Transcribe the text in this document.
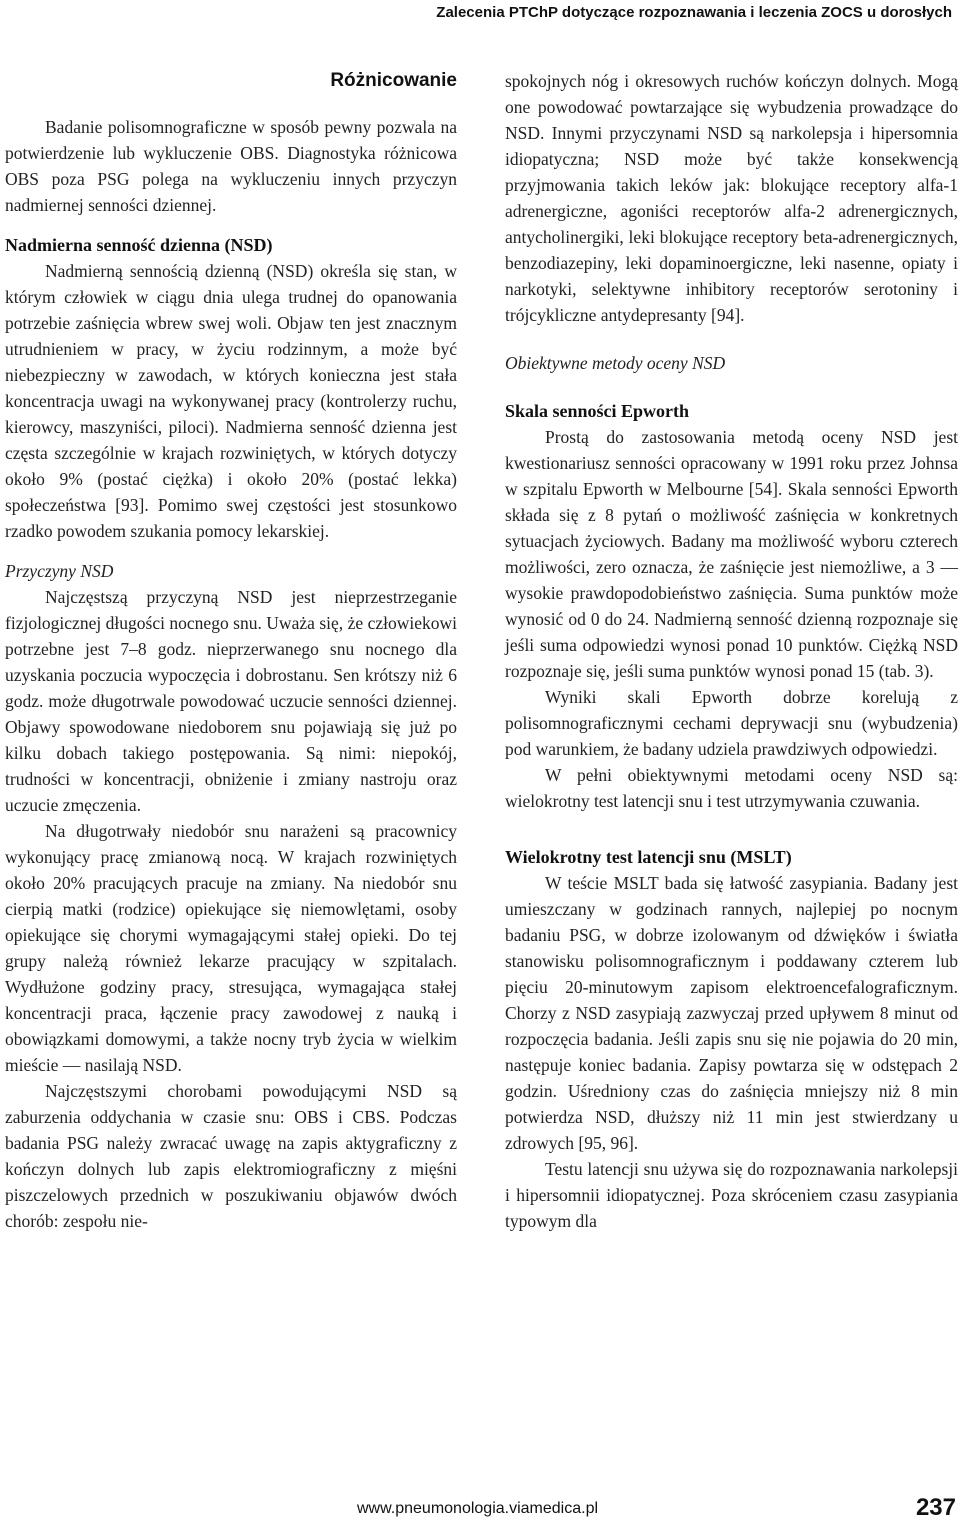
Zalecenia PTChP dotyczące rozpoznawania i leczenia ZOCS u dorosłych
Różnicowanie

Badanie polisomnograficzne w sposób pewny pozwala na potwierdzenie lub wykluczenie OBS. Diagnostyka różnicowa OBS poza PSG polega na wykluczeniu innych przyczyn nadmiernej senności dziennej.

Nadmierna senność dzienna (NSD)

Nadmierną sennością dzienną (NSD) określa się stan, w którym człowiek w ciągu dnia ulega trudnej do opanowania potrzebie zaśnięcia wbrew swej woli. Objaw ten jest znacznym utrudnieniem w pracy, w życiu rodzinnym, a może być niebezpieczny w zawodach, w których konieczna jest stała koncentracja uwagi na wykonywanej pracy (kontrolerzy ruchu, kierowcy, maszyniści, piloci). Nadmierna senność dzienna jest częsta szczególnie w krajach rozwiniętych, w których dotyczy około 9% (postać ciężka) i około 20% (postać lekka) społeczeństwa [93]. Pomimo swej częstości jest stosunkowo rzadko powodem szukania pomocy lekarskiej.

Przyczyny NSD

Najczęstszą przyczyną NSD jest nieprzestrzeganie fizjologicznej długości nocnego snu. Uważa się, że człowiekowi potrzebne jest 7–8 godz. nieprzerwanego snu nocnego dla uzyskania poczucia wypoczęcia i dobrostanu. Sen krótszy niż 6 godz. może długotrwale powodować uczucie senności dziennej. Objawy spowodowane niedoborem snu pojawiają się już po kilku dobach takiego postępowania. Są nimi: niepokój, trudności w koncentracji, obniżenie i zmiany nastroju oraz uczucie zmęczenia.

Na długotrwały niedobór snu narażeni są pracownicy wykonujący pracę zmianową nocą. W krajach rozwiniętych około 20% pracujących pracuje na zmiany. Na niedobór snu cierpią matki (rodzice) opiekujące się niemowlętami, osoby opiekujące się chorymi wymagającymi stałej opieki. Do tej grupy należą również lekarze pracujący w szpitalach. Wydłużone godziny pracy, stresująca, wymagająca stałej koncentracji praca, łączenie pracy zawodowej z nauką i obowiązkami domowymi, a także nocny tryb życia w wielkim mieście — nasilają NSD.

Najczęstszymi chorobami powodującymi NSD są zaburzenia oddychania w czasie snu: OBS i CBS. Podczas badania PSG należy zwracać uwagę na zapis aktygraficzny z kończyn dolnych lub zapis elektromiograficzny z mięśni piszczelowych przednich w poszukiwaniu objawów dwóch chorób: zespołu nie-

spokojnych nóg i okresowych ruchów kończyn dolnych. Mogą one powodować powtarzające się wybudzenia prowadzące do NSD. Innymi przyczynami NSD są narkolepsja i hipersomnia idiopatyczna; NSD może być także konsekwencją przyjmowania takich leków jak: blokujące receptory alfa-1 adrenergiczne, agoniści receptorów alfa-2 adrenergicznych, antycholinergiki, leki blokujące receptory beta-adrenergicznych, benzodiazepiny, leki dopaminoergiczne, leki nasenne, opiaty i narkotyki, selektywne inhibitory receptorów serotoniny i trójcykliczne antydepresanty [94].

Obiektywne metody oceny NSD

Skala senności Epworth

Prostą do zastosowania metodą oceny NSD jest kwestionariusz senności opracowany w 1991 roku przez Johnsa w szpitalu Epworth w Melbourne [54]. Skala senności Epworth składa się z 8 pytań o możliwość zaśnięcia w konkretnych sytuacjach życiowych. Badany ma możliwość wyboru czterech możliwości, zero oznacza, że zaśnięcie jest niemożliwe, a 3 — wysokie prawdopodobieństwo zaśnięcia. Suma punktów może wynosić od 0 do 24. Nadmierną senność dzienną rozpoznaje się jeśli suma odpowiedzi wynosi ponad 10 punktów. Ciężką NSD rozpoznaje się, jeśli suma punktów wynosi ponad 15 (tab. 3).

Wyniki skali Epworth dobrze korelują z polisomnograficznymi cechami deprywacji snu (wybudzenia) pod warunkiem, że badany udziela prawdziwych odpowiedzi.

W pełni obiektywnymi metodami oceny NSD są: wielokrotny test latencji snu i test utrzymywania czuwania.

Wielokrotny test latencji snu (MSLT)

W teście MSLT bada się łatwość zasypiania. Badany jest umieszczany w godzinach rannych, najlepiej po nocnym badaniu PSG, w dobrze izolowanym od dźwięków i światła stanowisku polisomnograficznym i poddawany czterem lub pięciu 20-minutowym zapisom elektroencefalograficznym. Chorzy z NSD zasypiają zazwyczaj przed upływem 8 minut od rozpoczęcia badania. Jeśli zapis snu się nie pojawia do 20 min, następuje koniec badania. Zapisy powtarza się w odstępach 2 godzin. Uśredniony czas do zaśnięcia mniejszy niż 8 min potwierdza NSD, dłuższy niż 11 min jest stwierdzany u zdrowych [95, 96].

Testu latencji snu używa się do rozpoznawania narkolepsji i hipersomnii idiopatycznej. Poza skróceniem czasu zasypiania typowym dla

www.pneumonologia.viamedica.pl	237
